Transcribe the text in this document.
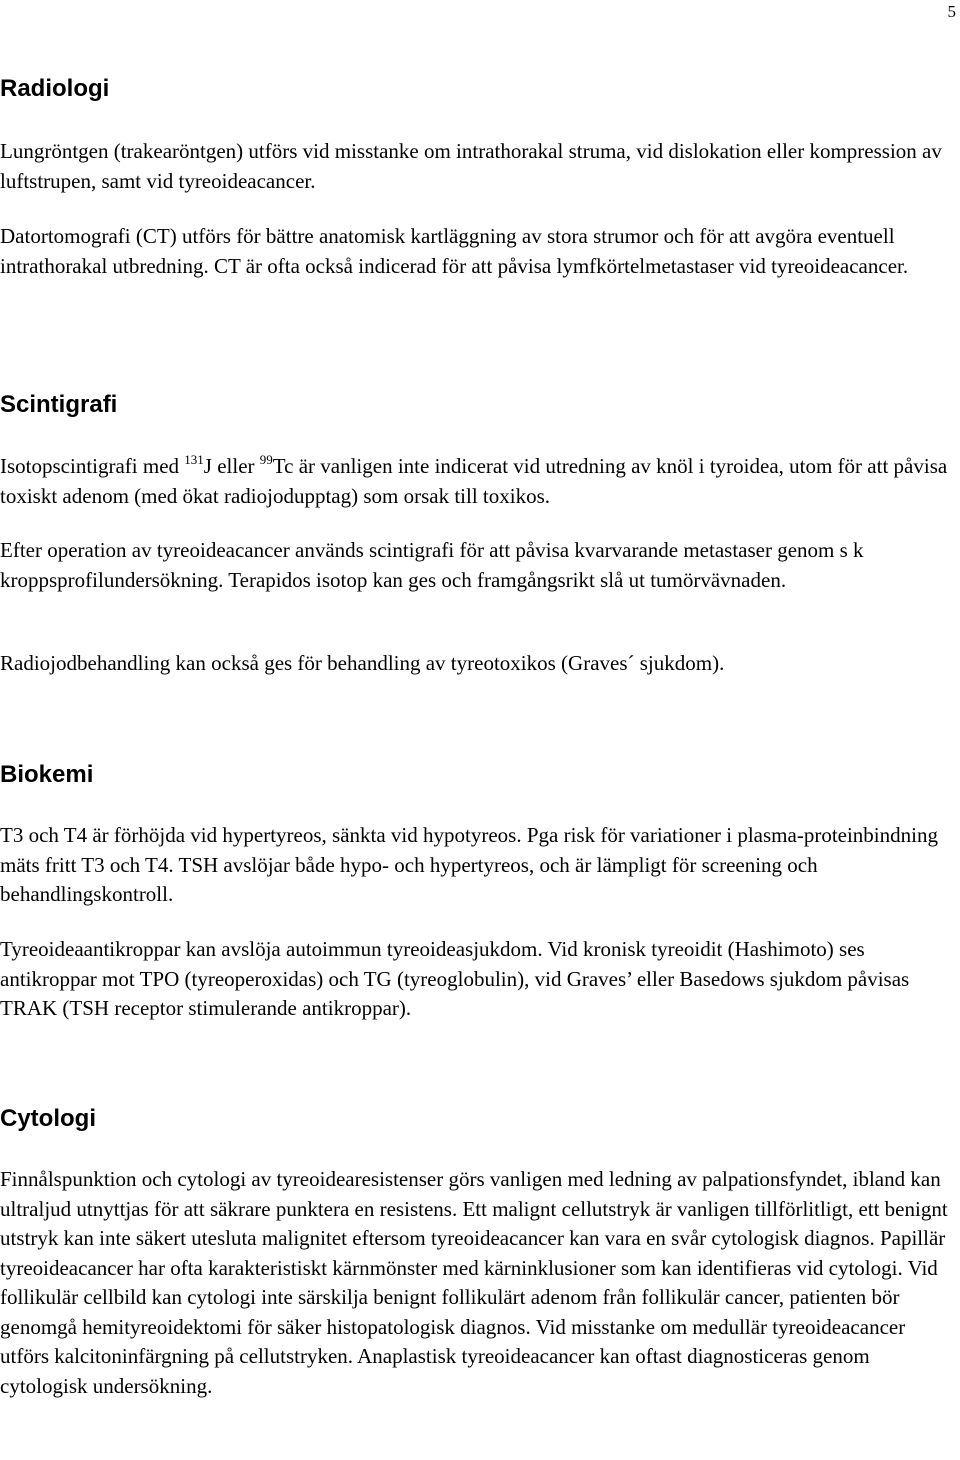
5
Radiologi

Lungröntgen (trakearöntgen) utförs vid misstanke om intrathorakal struma, vid dislokation eller kompression av luftstrupen, samt vid tyreoideacancer.

Datortomografi (CT) utförs för bättre anatomisk kartläggning av stora strumor och för att avgöra eventuell intrathorakal utbredning. CT är ofta också indicerad för att påvisa lymfkörtelmetastaser vid tyreoideacancer.

Scintigrafi

Isotopscintigrafi med $^{131}$J eller $^{99}$Tc är vanligen inte indicerat vid utredning av knöl i tyroidea, utom för att påvisa toxiskt adenom (med ökat radiojodupptag) som orsak till toxikos.

Efter operation av tyreoideacancer används scintigrafi för att påvisa kvarvarande metastaser genom s k kroppsprofilundersökning. Terapidos isotop kan ges och framgångsrikt slå ut tumörvävnaden.

Radiojodbehandling kan också ges för behandling av tyreotoxikos (Graves´ sjukdom).

Biokemi

T3 och T4 är förhöjda vid hypertyreos, sänkta vid hypotyreos. Pga risk för variationer i plasma-proteinbindning mäts fritt T3 och T4. TSH avslöjar både hypo- och hypertyreos, och är lämpligt för screening och behandlingskontroll.

Tyreoideaantikroppar kan avslöja autoimmun tyreoideasjukdom. Vid kronisk tyreoidit (Hashimoto) ses antikroppar mot TPO (tyreoperoxidas) och TG (tyreoglobulin), vid Graves’ eller Basedows sjukdom påvisas TRAK (TSH receptor stimulerande antikroppar).

Cytologi

Finnålspunktion och cytologi av tyreoidearesistenser görs vanligen med ledning av palpationsfyndet, ibland kan ultraljud utnyttjas för att säkrare punktera en resistens. Ett malignt cellutstryk är vanligen tillförlitligt, ett benignt utstryk kan inte säkert utesluta malignitet eftersom tyreoideacancer kan vara en svår cytologisk diagnos. Papillär tyreoideacancer har ofta karakteristiskt kärnmönster med kärninklusioner som kan identifieras vid cytologi. Vid follikulär cellbild kan cytologi inte särskilja benignt follikulärt adenom från follikulär cancer, patienten bör genomgå hemityreoidektomi för säker histopatologisk diagnos. Vid misstanke om medullär tyreoideacancer utförs kalcitoninfärgning på cellutstryken. Anaplastisk tyreoideacancer kan oftast diagnosticeras genom cytologisk undersökning.
